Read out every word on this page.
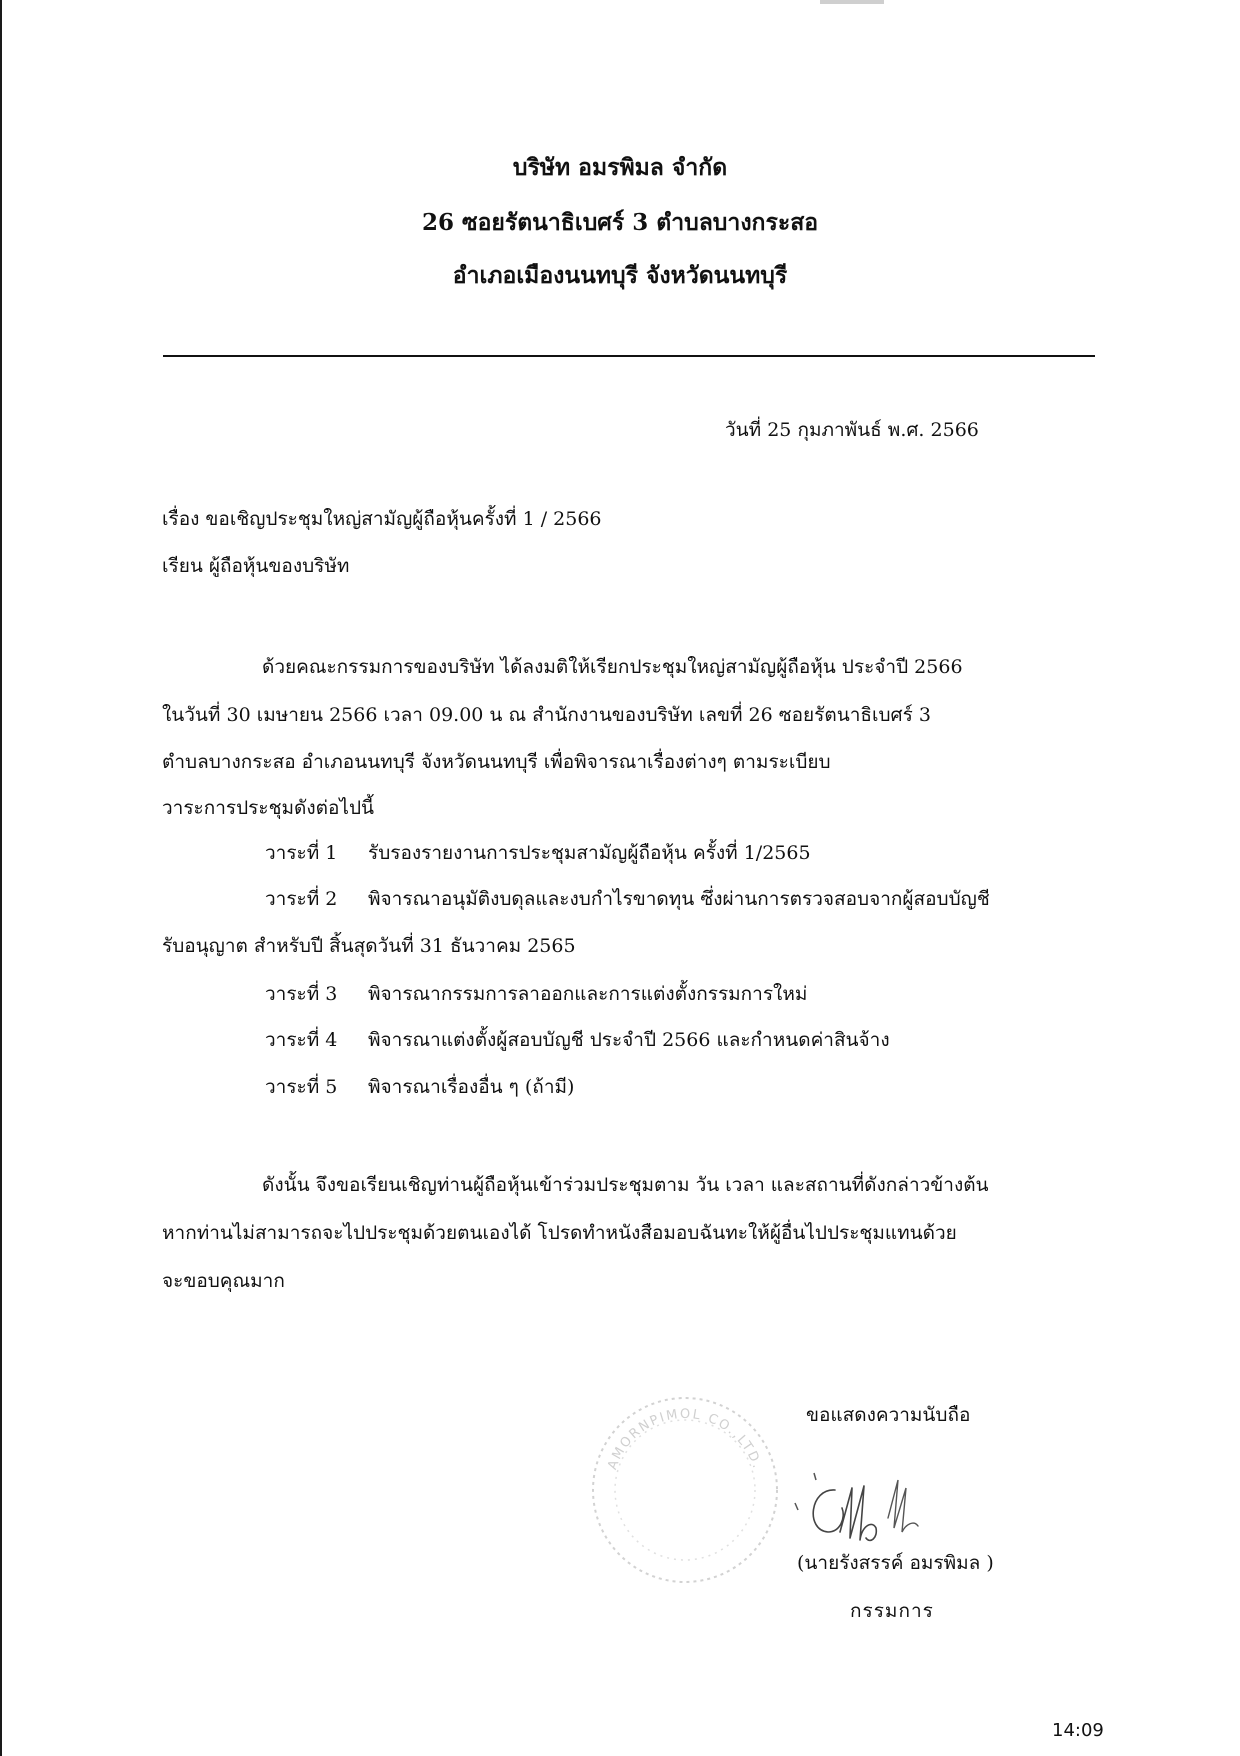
บริษัท อมรพิมล จำกัด
26 ซอยรัตนาธิเบศร์ 3 ตำบลบางกระสอ
อำเภอเมืองนนทบุรี จังหวัดนนทบุรี
วันที่ 25 กุมภาพันธ์ พ.ศ. 2566
เรื่อง ขอเชิญประชุมใหญ่สามัญผู้ถือหุ้นครั้งที่ 1 / 2566
เรียน ผู้ถือหุ้นของบริษัท
ด้วยคณะกรรมการของบริษัท ได้ลงมติให้เรียกประชุมใหญ่สามัญผู้ถือหุ้น ประจำปี 2566
ในวันที่ 30 เมษายน 2566 เวลา 09.00 น ณ สำนักงานของบริษัท เลขที่ 26 ซอยรัตนาธิเบศร์ 3
ตำบลบางกระสอ อำเภอนนทบุรี จังหวัดนนทบุรี เพื่อพิจารณาเรื่องต่างๆ ตามระเบียบ
วาระการประชุมดังต่อไปนี้
วาระที่ 1 รับรองรายงานการประชุมสามัญผู้ถือหุ้น ครั้งที่ 1/2565
วาระที่ 2 พิจารณาอนุมัติงบดุลและงบกำไรขาดทุน ซึ่งผ่านการตรวจสอบจากผู้สอบบัญชี
รับอนุญาต สำหรับปี สิ้นสุดวันที่ 31 ธันวาคม 2565
วาระที่ 3 พิจารณากรรมการลาออกและการแต่งตั้งกรรมการใหม่
วาระที่ 4 พิจารณาแต่งตั้งผู้สอบบัญชี ประจำปี 2566 และกำหนดค่าสินจ้าง
วาระที่ 5 พิจารณาเรื่องอื่น ๆ (ถ้ามี)
ดังนั้น จึงขอเรียนเชิญท่านผู้ถือหุ้นเข้าร่วมประชุมตาม วัน เวลา และสถานที่ดังกล่าวข้างต้น
หากท่านไม่สามารถจะไปประชุมด้วยตนเองได้ โปรดทำหนังสือมอบฉันทะให้ผู้อื่นไปประชุมแทนด้วย
จะขอบคุณมาก
AMORNPIMOL CO.,LTD.
ขอแสดงความนับถือ
(นายรังสรรค์ อมรพิมล )
กรรมการ
14:09
